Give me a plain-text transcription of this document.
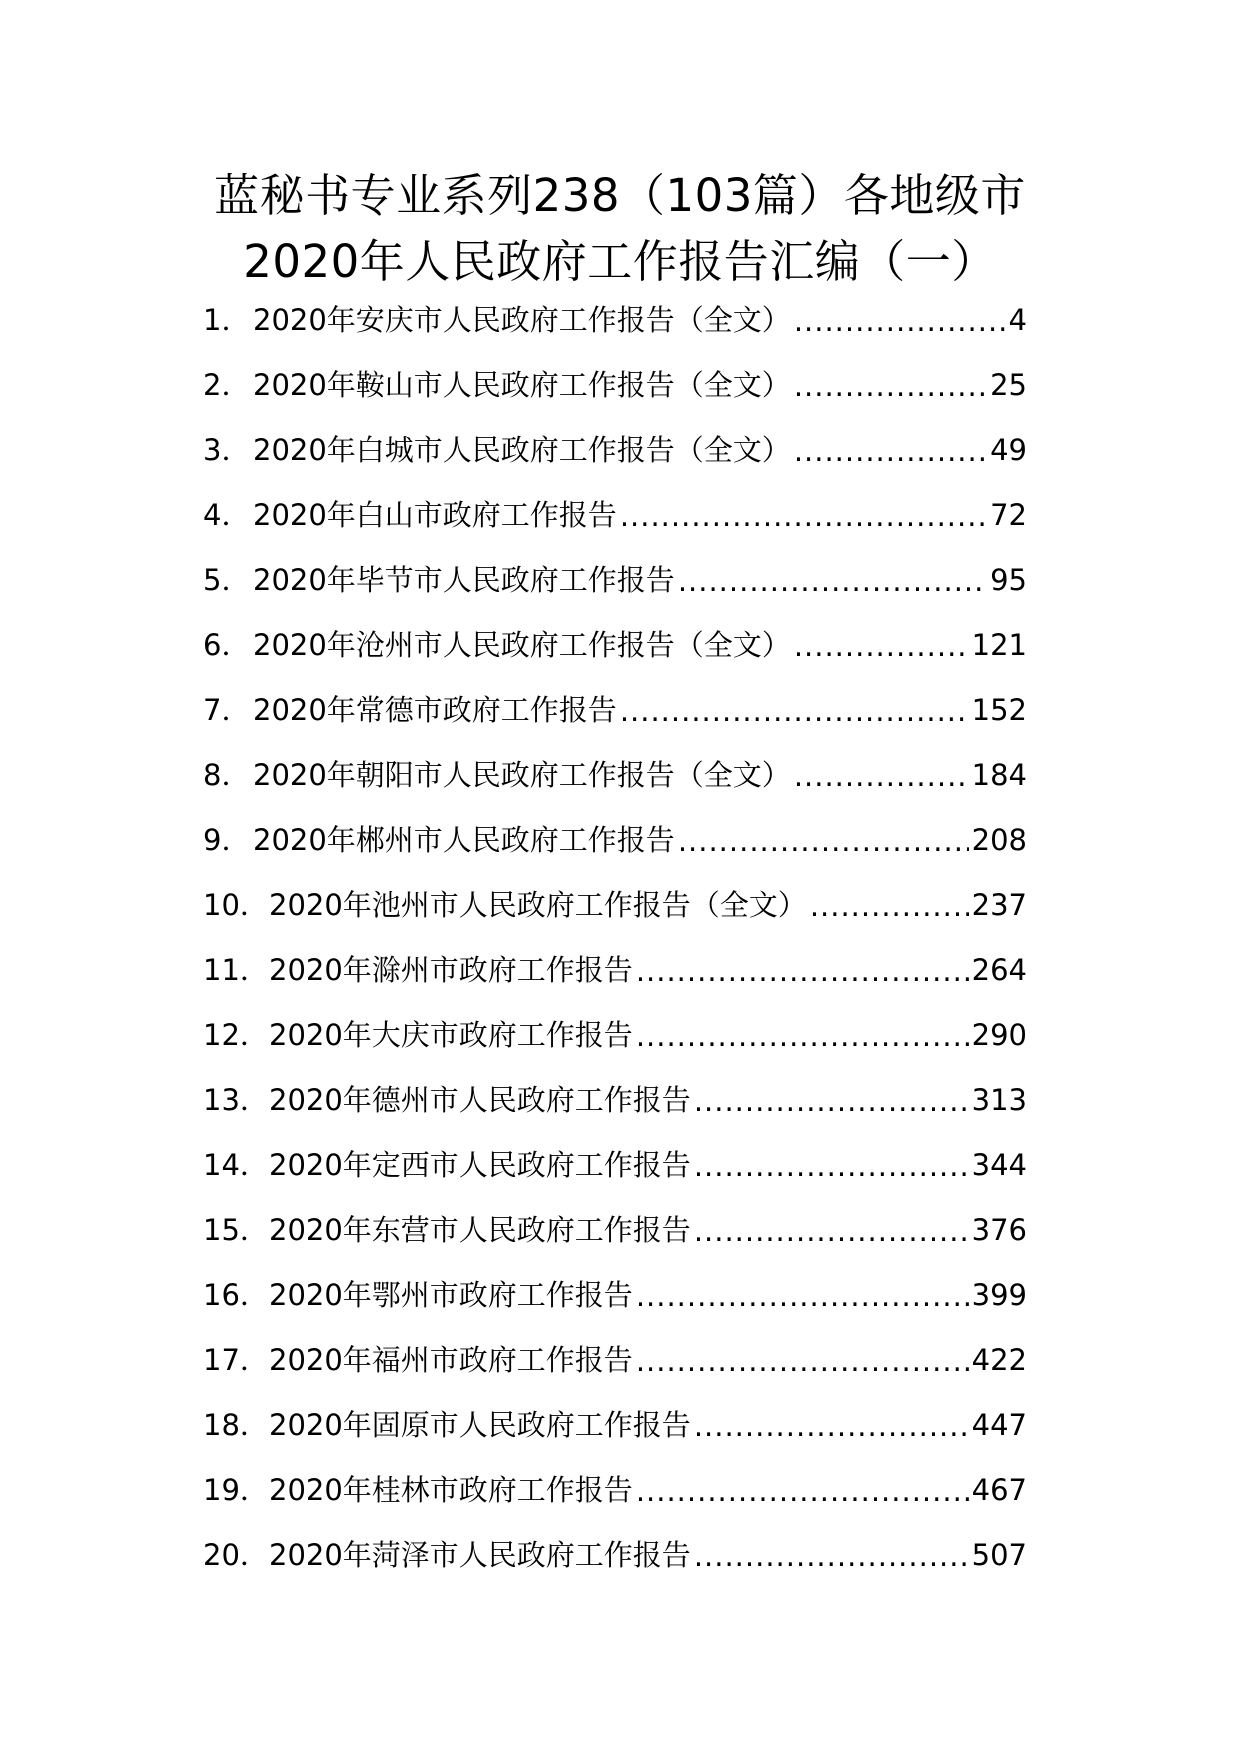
蓝秘书专业系列238（103篇）各地级市
2020年人民政府工作报告汇编（一）
1． 2020年安庆市人民政府工作报告（全文） .....	4
2． 2020年鞍山市人民政府工作报告（全文） .....	25
3． 2020年白城市人民政府工作报告（全文） .....	49
4． 2020年白山市政府工作报告 .....	72
5． 2020年毕节市人民政府工作报告 .....	95
6． 2020年沧州市人民政府工作报告（全文） .....	121
7． 2020年常德市政府工作报告 .....	152
8． 2020年朝阳市人民政府工作报告（全文） .....	184
9． 2020年郴州市人民政府工作报告 .....	208
10． 2020年池州市人民政府工作报告（全文） .....	237
11． 2020年滁州市政府工作报告 .....	264
12． 2020年大庆市政府工作报告 .....	290
13． 2020年德州市人民政府工作报告 .....	313
14． 2020年定西市人民政府工作报告 .....	344
15． 2020年东营市人民政府工作报告 .....	376
16． 2020年鄂州市政府工作报告 .....	399
17． 2020年福州市政府工作报告 .....	422
18． 2020年固原市人民政府工作报告 .....	447
19． 2020年桂林市政府工作报告 .....	467
20． 2020年菏泽市人民政府工作报告 .....	507
